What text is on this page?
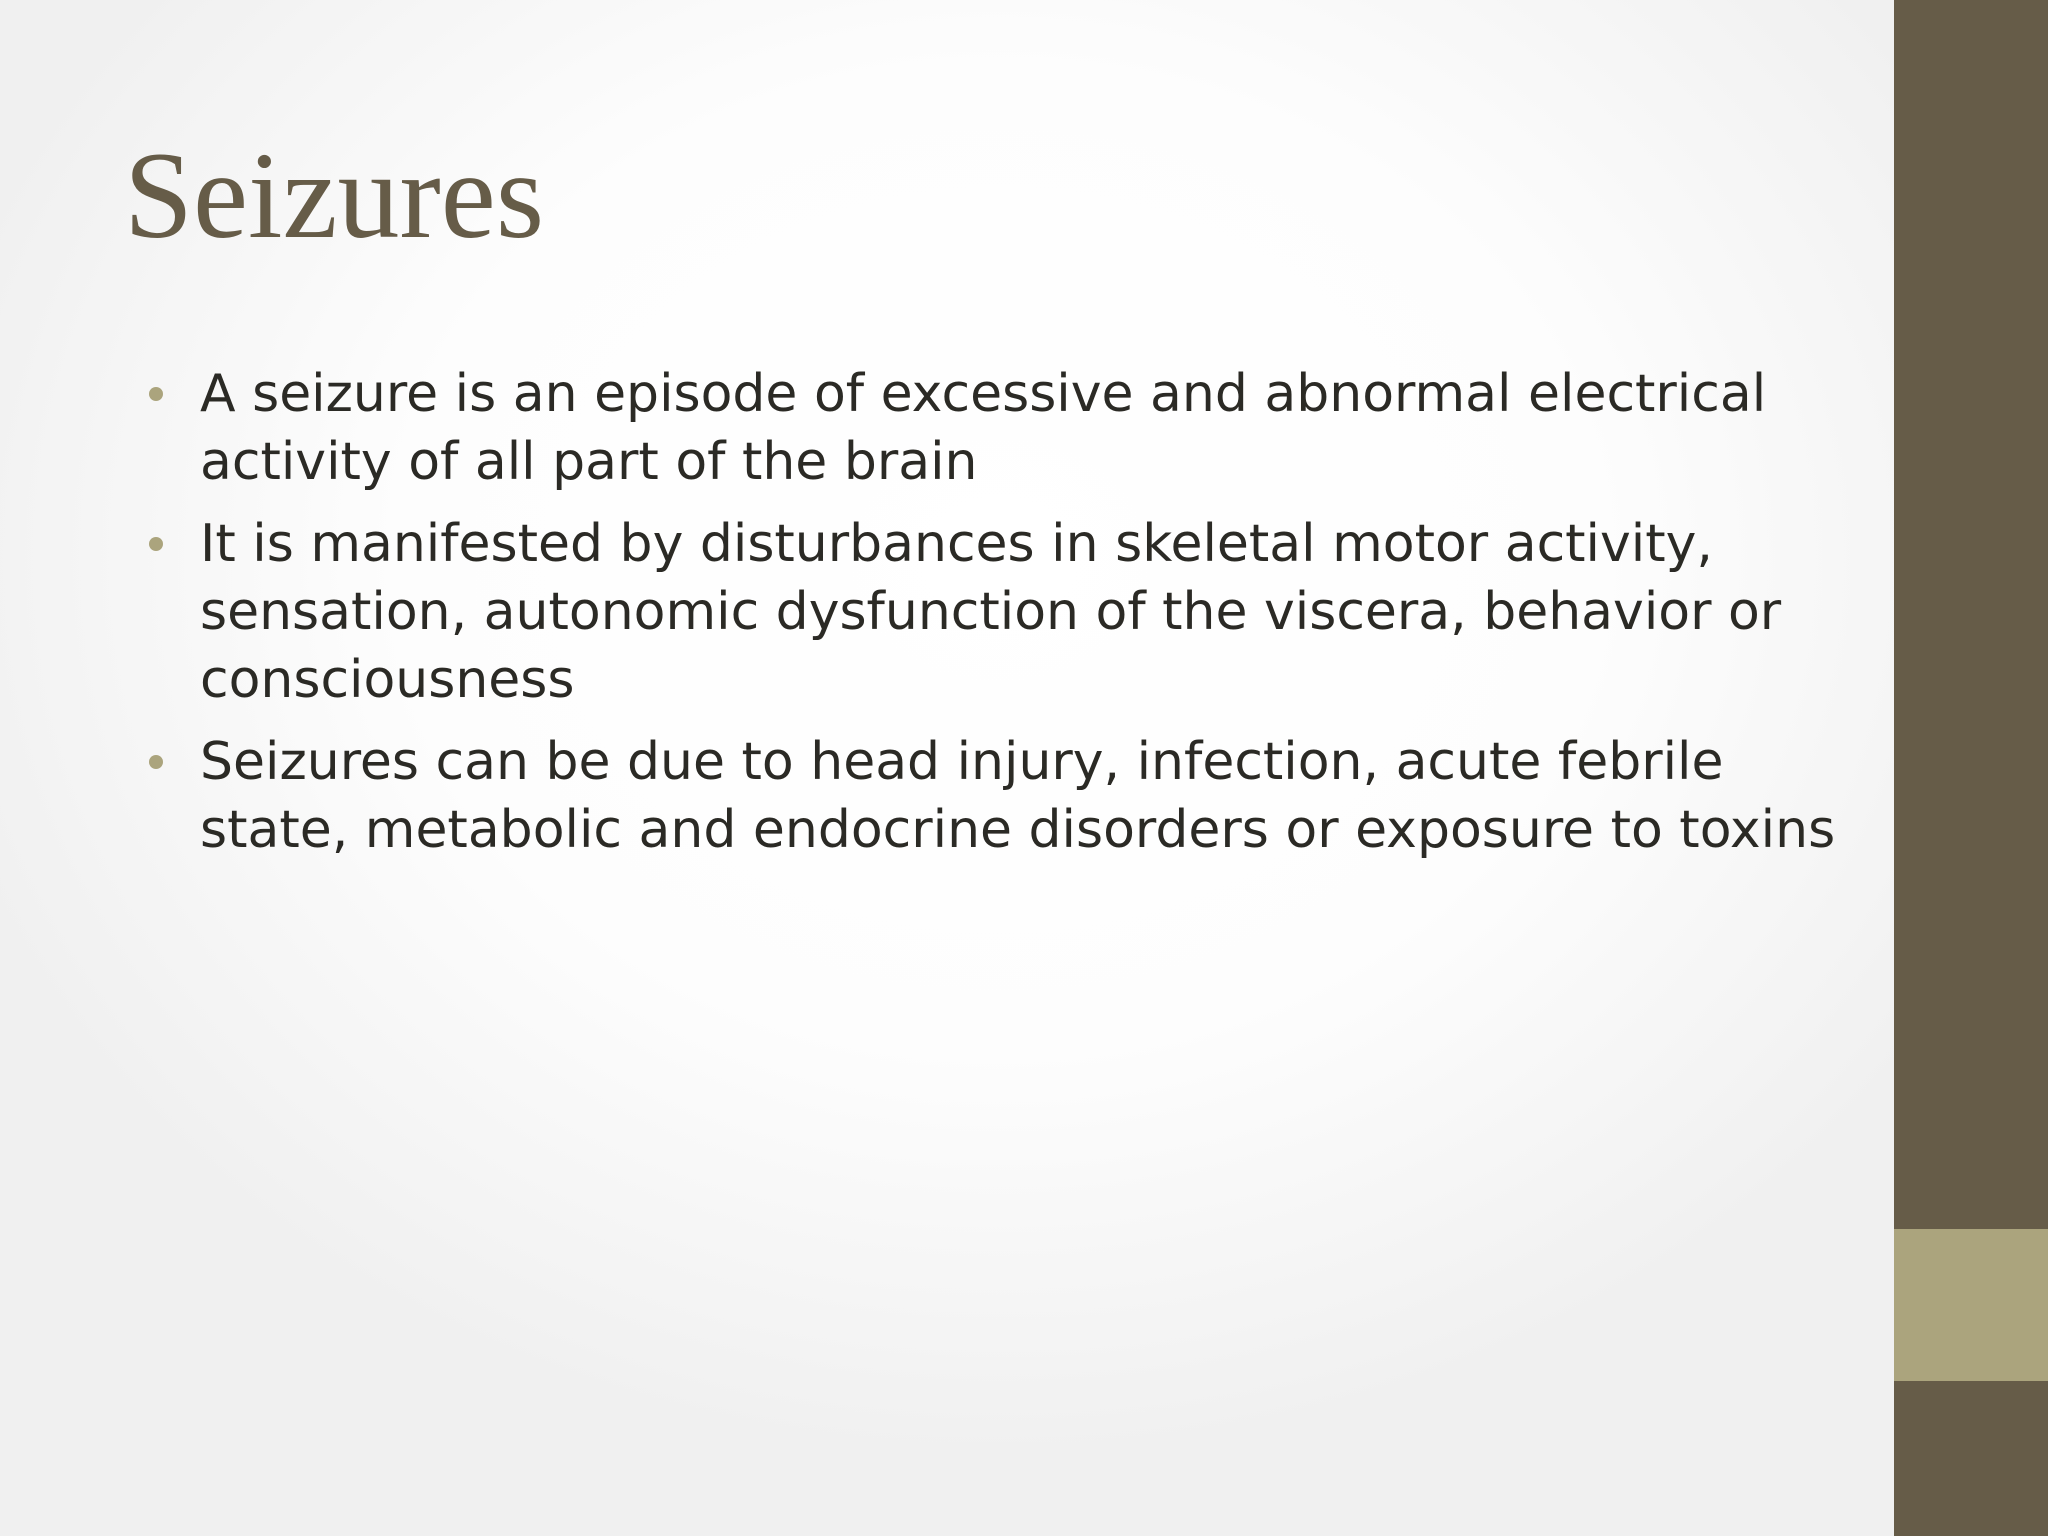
Seizures
A seizure is an episode of excessive and abnormal electrical
activity of all part of the brain
It is manifested by disturbances in skeletal motor activity,
sensation, autonomic dysfunction of the viscera, behavior or
consciousness
Seizures can be due to head injury, infection, acute febrile
state, metabolic and endocrine disorders or exposure to toxins
